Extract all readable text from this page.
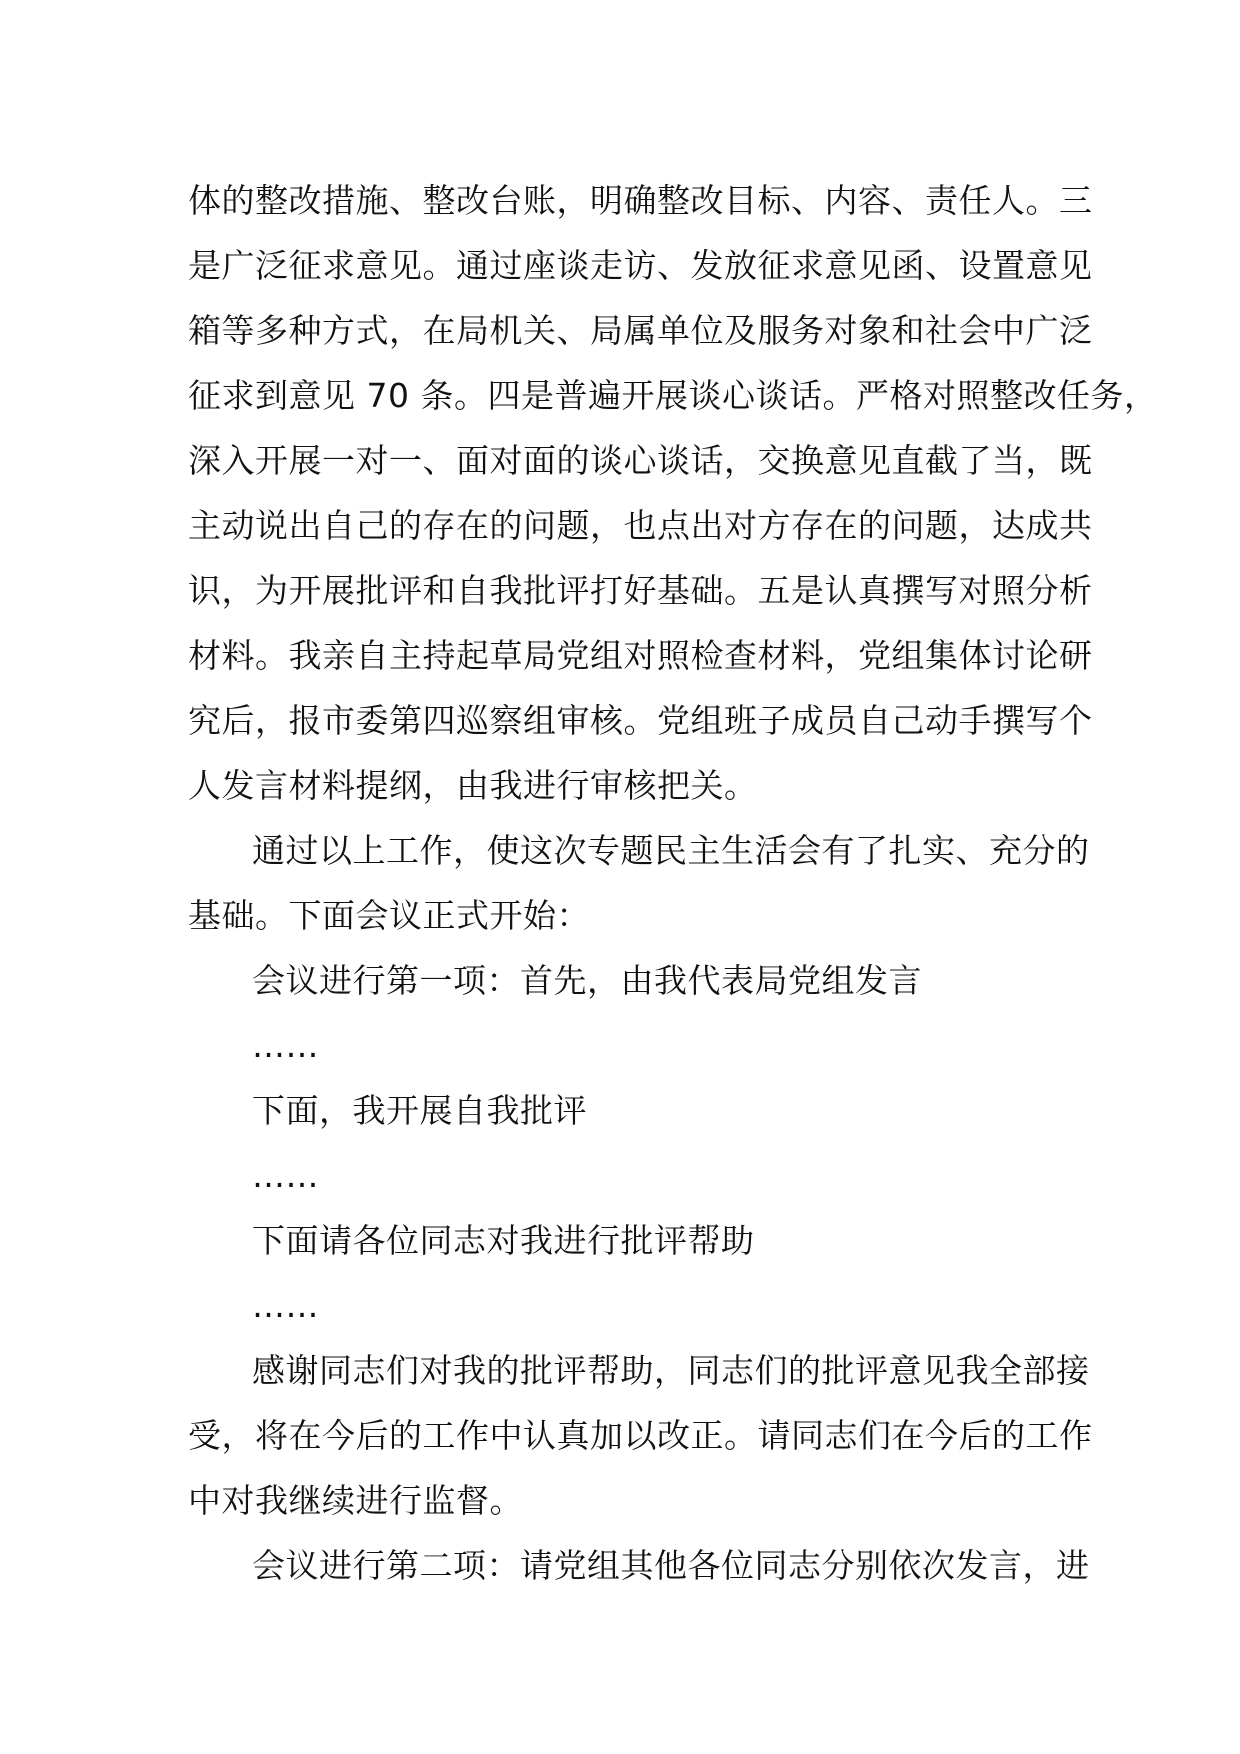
体的整改措施、整改台账，明确整改目标、内容、责任人。三
是广泛征求意见。通过座谈走访、发放征求意见函、设置意见
箱等多种方式，在局机关、局属单位及服务对象和社会中广泛
征求到意见 70 条。四是普遍开展谈心谈话。严格对照整改任务，
深入开展一对一、面对面的谈心谈话，交换意见直截了当，既
主动说出自己的存在的问题，也点出对方存在的问题，达成共
识，为开展批评和自我批评打好基础。五是认真撰写对照分析
材料。我亲自主持起草局党组对照检查材料，党组集体讨论研
究后，报市委第四巡察组审核。党组班子成员自己动手撰写个
人发言材料提纲，由我进行审核把关。
通过以上工作，使这次专题民主生活会有了扎实、充分的
基础。下面会议正式开始：
会议进行第一项：首先，由我代表局党组发言
……
下面，我开展自我批评
……
下面请各位同志对我进行批评帮助
……
感谢同志们对我的批评帮助，同志们的批评意见我全部接
受，将在今后的工作中认真加以改正。请同志们在今后的工作
中对我继续进行监督。
会议进行第二项：请党组其他各位同志分别依次发言，进
